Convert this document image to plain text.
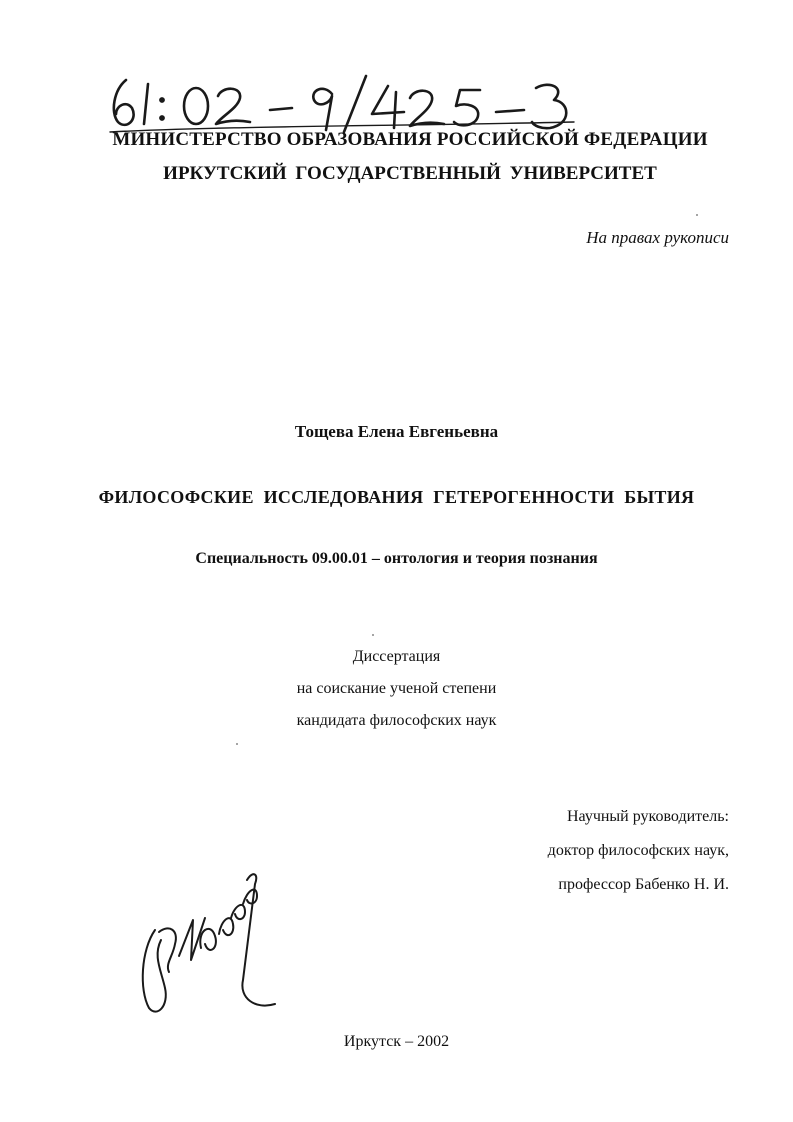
МИНИСТЕРСТВО ОБРАЗОВАНИЯ РОССИЙСКОЙ ФЕДЕРАЦИИ
ИРКУТСКИЙ ГОСУДАРСТВЕННЫЙ УНИВЕРСИТЕТ
На правах рукописи
Тощева Елена Евгеньевна
ФИЛОСОФСКИЕ ИССЛЕДОВАНИЯ ГЕТЕРОГЕННОСТИ БЫТИЯ
Специальность 09.00.01 – онтология и теория познания
Диссертация
на соискание ученой степени
кандидата философских наук
Научный руководитель:
доктор философских наук,
профессор Бабенко Н. И.
Иркутск – 2002
